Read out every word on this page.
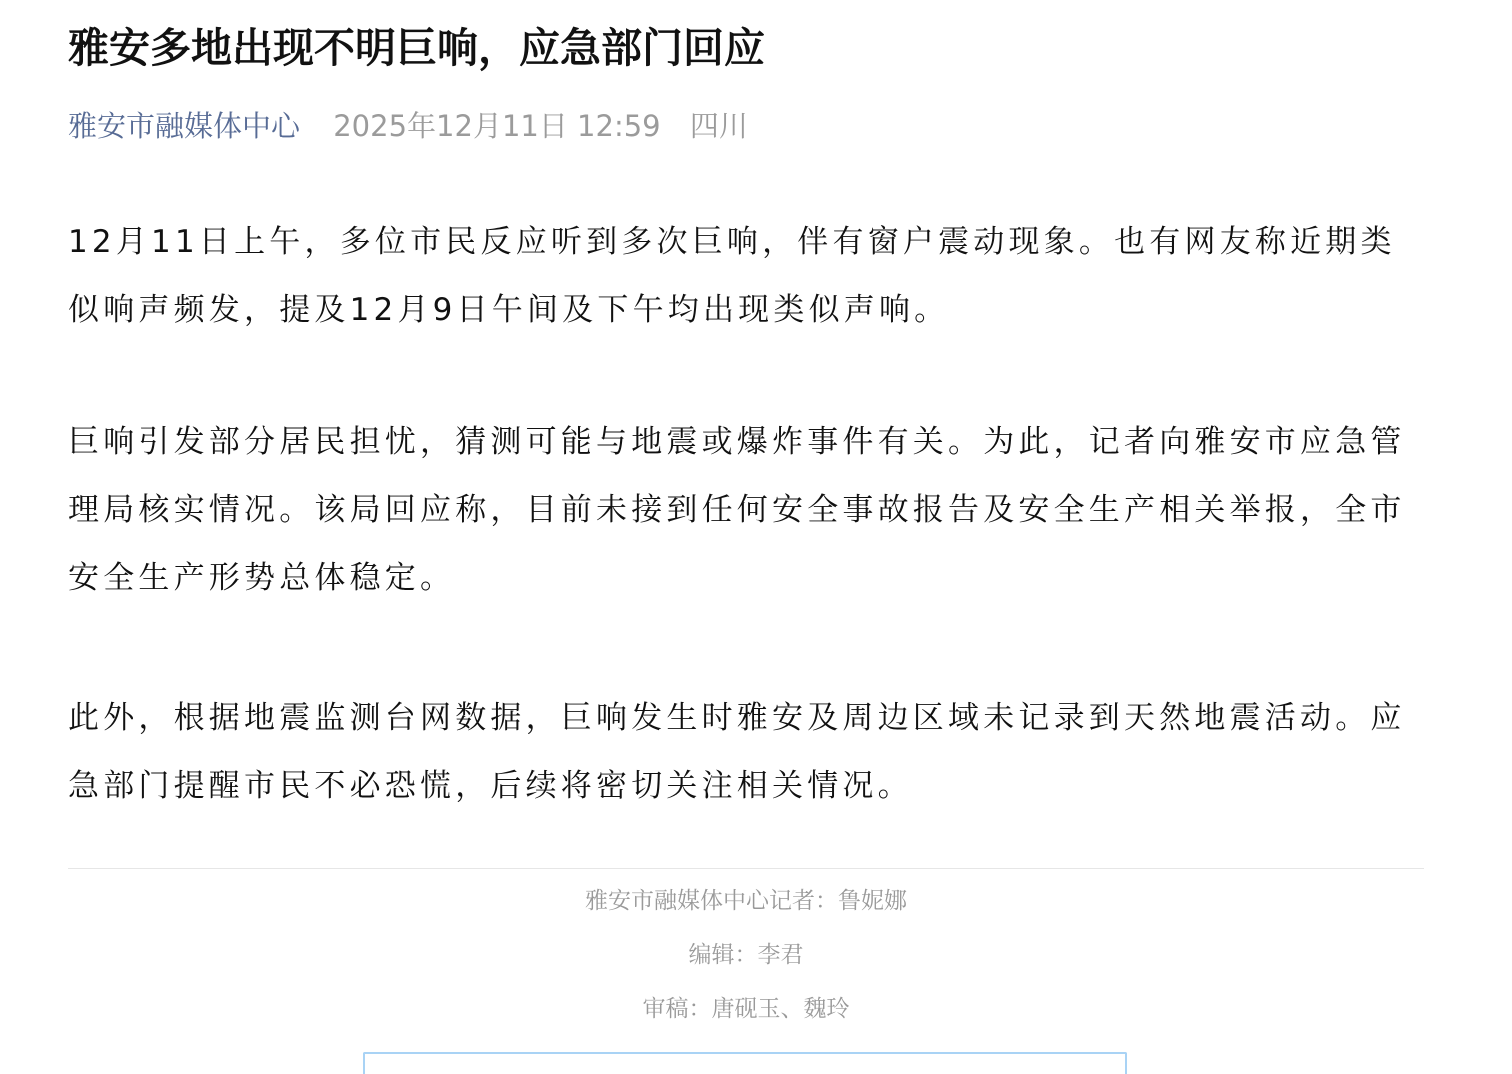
雅安多地出现不明巨响，应急部门回应
雅安市融媒体中心 2025年12月11日 12:59 四川

12月11日上午，多位市民反应听到多次巨响，伴有窗户震动现象。也有网友称近期类似响声频发，提及12月9日午间及下午均出现类似声响。

巨响引发部分居民担忧，猜测可能与地震或爆炸事件有关。为此，记者向雅安市应急管理局核实情况。该局回应称，目前未接到任何安全事故报告及安全生产相关举报，全市安全生产形势总体稳定。

此外，根据地震监测台网数据，巨响发生时雅安及周边区域未记录到天然地震活动。应急部门提醒市民不必恐慌，后续将密切关注相关情况。

雅安市融媒体中心记者：鲁妮娜
编辑：李君
审稿：唐砚玉、魏玲
